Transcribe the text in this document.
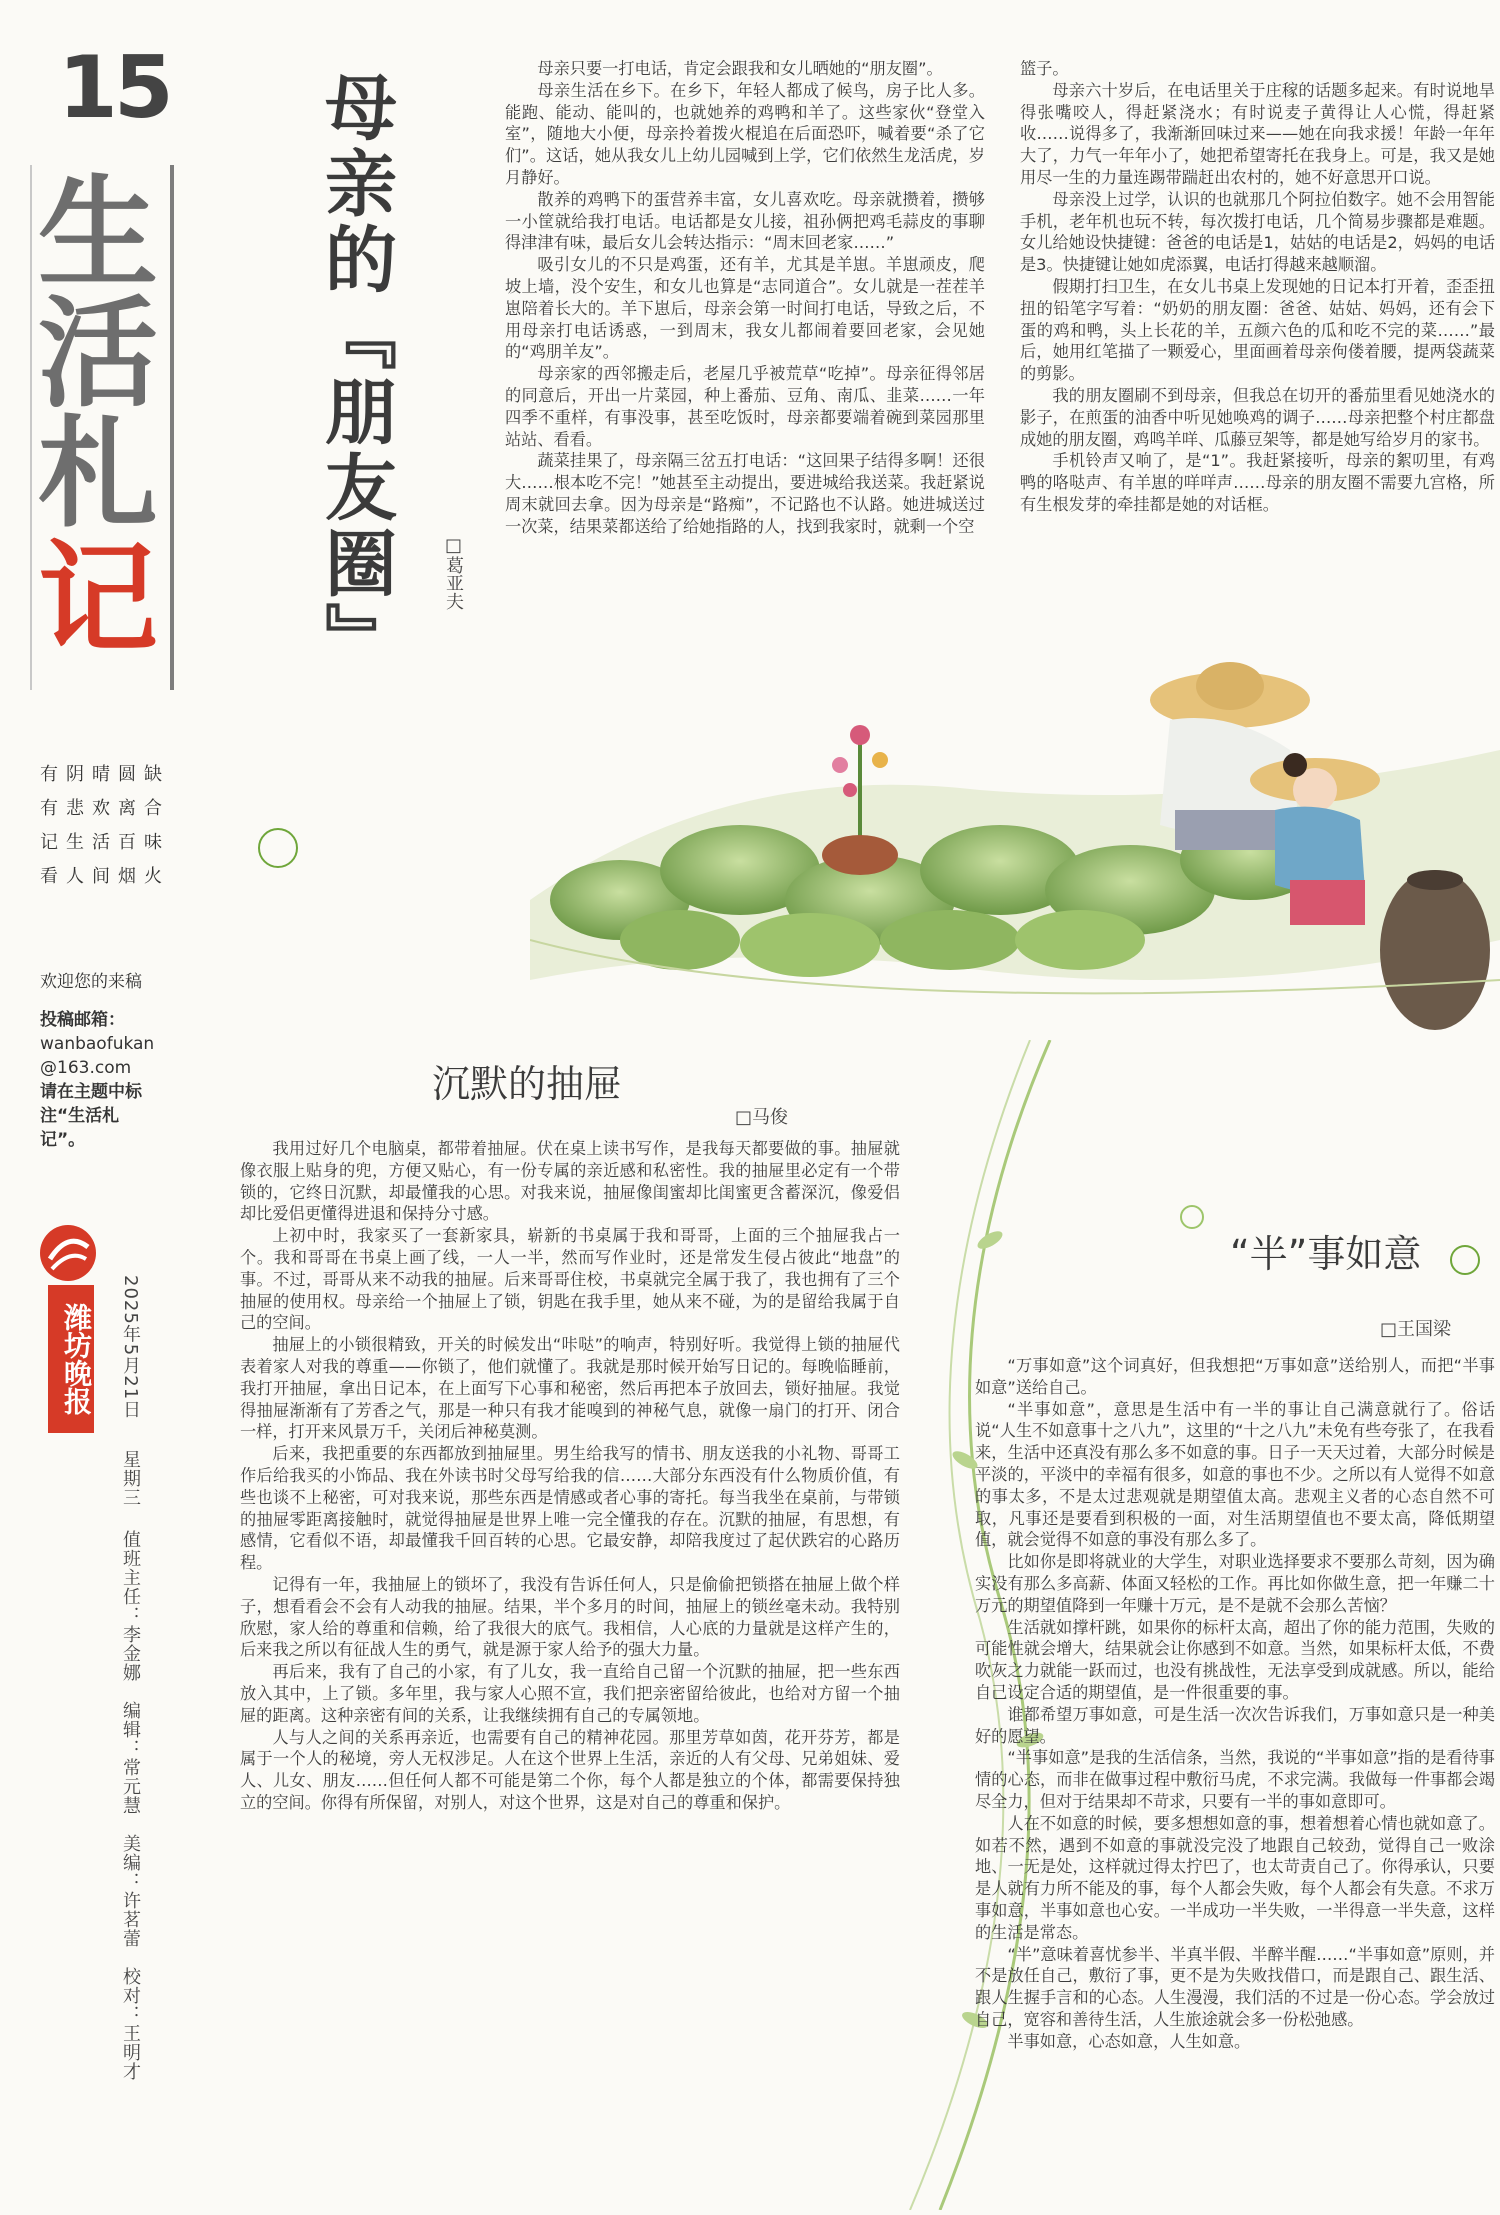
15
生
活
札
记
有阴晴圆缺
有悲欢离合
记生活百味
看人间烟火
欢迎您的来稿
投稿邮箱：
wanbaofukan
@163.com
请在主题中标注“生活札记”。
潍坊晚报 2025年5月21日
星期三
值班主任：李金娜　编辑：常元慧　美编：许茗蕾　校对：王明才
母亲的『朋友圈』	□葛亚夫

母亲只要一打电话，肯定会跟我和女儿晒她的“朋友圈”。

母亲生活在乡下。在乡下，年轻人都成了候鸟，房子比人多。能跑、能动、能叫的，也就她养的鸡鸭和羊了。这些家伙“登堂入室”，随地大小便，母亲拎着拨火棍追在后面恐吓，喊着要“杀了它们”。这话，她从我女儿上幼儿园喊到上学，它们依然生龙活虎，岁月静好。

散养的鸡鸭下的蛋营养丰富，女儿喜欢吃。母亲就攒着，攒够一小筐就给我打电话。电话都是女儿接，祖孙俩把鸡毛蒜皮的事聊得津津有味，最后女儿会转达指示：“周末回老家……”

吸引女儿的不只是鸡蛋，还有羊，尤其是羊崽。羊崽顽皮，爬坡上墙，没个安生，和女儿也算是“志同道合”。女儿就是一茬茬羊崽陪着长大的。羊下崽后，母亲会第一时间打电话，导致之后，不用母亲打电话诱惑，一到周末，我女儿都闹着要回老家，会见她的“鸡朋羊友”。

母亲家的西邻搬走后，老屋几乎被荒草“吃掉”。母亲征得邻居的同意后，开出一片菜园，种上番茄、豆角、南瓜、韭菜……一年四季不重样，有事没事，甚至吃饭时，母亲都要端着碗到菜园那里站站、看看。

蔬菜挂果了，母亲隔三岔五打电话：“这回果子结得多啊！还很大……根本吃不完！”她甚至主动提出，要进城给我送菜。我赶紧说周末就回去拿。因为母亲是“路痴”，不记路也不认路。她进城送过一次菜，结果菜都送给了给她指路的人，找到我家时，就剩一个空

篮子。

母亲六十岁后，在电话里关于庄稼的话题多起来。有时说地旱得张嘴咬人，得赶紧浇水；有时说麦子黄得让人心慌，得赶紧收……说得多了，我渐渐回味过来——她在向我求援！年龄一年年大了，力气一年年小了，她把希望寄托在我身上。可是，我又是她用尽一生的力量连踢带踹赶出农村的，她不好意思开口说。

母亲没上过学，认识的也就那几个阿拉伯数字。她不会用智能手机，老年机也玩不转，每次拨打电话，几个简易步骤都是难题。女儿给她设快捷键：爸爸的电话是1，姑姑的电话是2，妈妈的电话是3。快捷键让她如虎添翼，电话打得越来越顺溜。

假期打扫卫生，在女儿书桌上发现她的日记本打开着，歪歪扭扭的铅笔字写着：“奶奶的朋友圈：爸爸、姑姑、妈妈，还有会下蛋的鸡和鸭，头上长花的羊，五颜六色的瓜和吃不完的菜……”最后，她用红笔描了一颗爱心，里面画着母亲佝偻着腰，提两袋蔬菜的剪影。

我的朋友圈刷不到母亲，但我总在切开的番茄里看见她浇水的影子，在煎蛋的油香中听见她唤鸡的调子……母亲把整个村庄都盘成她的朋友圈，鸡鸣羊咩、瓜藤豆架等，都是她写给岁月的家书。

手机铃声又响了，是“1”。我赶紧接听，母亲的絮叨里，有鸡鸭的咯哒声、有羊崽的咩咩声……母亲的朋友圈不需要九宫格，所有生根发芽的牵挂都是她的对话框。

沉默的抽屉
□马俊

我用过好几个电脑桌，都带着抽屉。伏在桌上读书写作，是我每天都要做的事。抽屉就像衣服上贴身的兜，方便又贴心，有一份专属的亲近感和私密性。我的抽屉里必定有一个带锁的，它终日沉默，却最懂我的心思。对我来说，抽屉像闺蜜却比闺蜜更含蓄深沉，像爱侣却比爱侣更懂得进退和保持分寸感。

上初中时，我家买了一套新家具，崭新的书桌属于我和哥哥，上面的三个抽屉我占一个。我和哥哥在书桌上画了线，一人一半，然而写作业时，还是常发生侵占彼此“地盘”的事。不过，哥哥从来不动我的抽屉。后来哥哥住校，书桌就完全属于我了，我也拥有了三个抽屉的使用权。母亲给一个抽屉上了锁，钥匙在我手里，她从来不碰，为的是留给我属于自己的空间。

抽屉上的小锁很精致，开关的时候发出“咔哒”的响声，特别好听。我觉得上锁的抽屉代表着家人对我的尊重——你锁了，他们就懂了。我就是那时候开始写日记的。每晚临睡前，我打开抽屉，拿出日记本，在上面写下心事和秘密，然后再把本子放回去，锁好抽屉。我觉得抽屉渐渐有了芳香之气，那是一种只有我才能嗅到的神秘气息，就像一扇门的打开、闭合一样，打开来风景万千，关闭后神秘莫测。

后来，我把重要的东西都放到抽屉里。男生给我写的情书、朋友送我的小礼物、哥哥工作后给我买的小饰品、我在外读书时父母写给我的信……大部分东西没有什么物质价值，有些也谈不上秘密，可对我来说，那些东西是情感或者心事的寄托。每当我坐在桌前，与带锁的抽屉零距离接触时，就觉得抽屉是世界上唯一完全懂我的存在。沉默的抽屉，有思想，有感情，它看似不语，却最懂我千回百转的心思。它最安静，却陪我度过了起伏跌宕的心路历程。

记得有一年，我抽屉上的锁坏了，我没有告诉任何人，只是偷偷把锁搭在抽屉上做个样子，想看看会不会有人动我的抽屉。结果，半个多月的时间，抽屉上的锁丝毫未动。我特别欣慰，家人给的尊重和信赖，给了我很大的底气。我相信，人心底的力量就是这样产生的，后来我之所以有征战人生的勇气，就是源于家人给予的强大力量。

再后来，我有了自己的小家，有了儿女，我一直给自己留一个沉默的抽屉，把一些东西放入其中，上了锁。多年里，我与家人心照不宣，我们把亲密留给彼此，也给对方留一个抽屉的距离。这种亲密有间的关系，让我继续拥有自己的专属领地。

人与人之间的关系再亲近，也需要有自己的精神花园。那里芳草如茵，花开芬芳，都是属于一个人的秘境，旁人无权涉足。人在这个世界上生活，亲近的人有父母、兄弟姐妹、爱人、儿女、朋友……但任何人都不可能是第二个你，每个人都是独立的个体，都需要保持独立的空间。你得有所保留，对别人，对这个世界，这是对自己的尊重和保护。

“半”事如意
□王国梁

“万事如意”这个词真好，但我想把“万事如意”送给别人，而把“半事如意”送给自己。

“半事如意”，意思是生活中有一半的事让自己满意就行了。俗话说“人生不如意事十之八九”，这里的“十之八九”未免有些夸张了，在我看来，生活中还真没有那么多不如意的事。日子一天天过着，大部分时候是平淡的，平淡中的幸福有很多，如意的事也不少。之所以有人觉得不如意的事太多，不是太过悲观就是期望值太高。悲观主义者的心态自然不可取，凡事还是要看到积极的一面，对生活期望值也不要太高，降低期望值，就会觉得不如意的事没有那么多了。

比如你是即将就业的大学生，对职业选择要求不要那么苛刻，因为确实没有那么多高薪、体面又轻松的工作。再比如你做生意，把一年赚二十万元的期望值降到一年赚十万元，是不是就不会那么苦恼？

生活就如撑杆跳，如果你的标杆太高，超出了你的能力范围，失败的可能性就会增大，结果就会让你感到不如意。当然，如果标杆太低，不费吹灰之力就能一跃而过，也没有挑战性，无法享受到成就感。所以，能给自己设定合适的期望值，是一件很重要的事。

谁都希望万事如意，可是生活一次次告诉我们，万事如意只是一种美好的愿望。

“半事如意”是我的生活信条，当然，我说的“半事如意”指的是看待事情的心态，而非在做事过程中敷衍马虎，不求完满。我做每一件事都会竭尽全力，但对于结果却不苛求，只要有一半的事如意即可。

人在不如意的时候，要多想想如意的事，想着想着心情也就如意了。如若不然，遇到不如意的事就没完没了地跟自己较劲，觉得自己一败涂地、一无是处，这样就过得太拧巴了，也太苛责自己了。你得承认，只要是人就有力所不能及的事，每个人都会失败，每个人都会有失意。不求万事如意，半事如意也心安。一半成功一半失败，一半得意一半失意，这样的生活是常态。

“半”意味着喜忧参半、半真半假、半醉半醒……“半事如意”原则，并不是放任自己，敷衍了事，更不是为失败找借口，而是跟自己、跟生活、跟人生握手言和的心态。人生漫漫，我们活的不过是一份心态。学会放过自己，宽容和善待生活，人生旅途就会多一份松弛感。

半事如意，心态如意，人生如意。
